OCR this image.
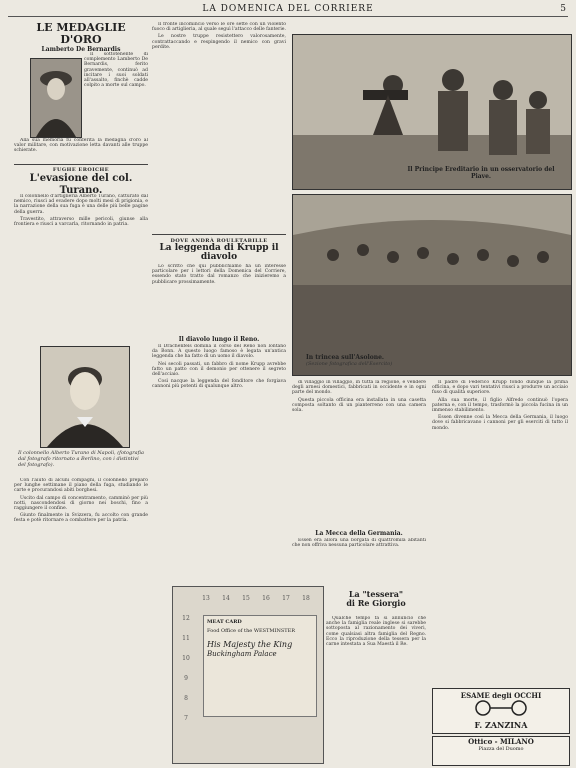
LA DOMENICA DEL CORRIERE	5
LE MEDAGLIE D'ORO
Lamberto De Bernardis

Il sottotenente di complemento Lamberto De Bernardis, ferito gravemente, continuò ad incitare i suoi soldati all'assalto, finchè cadde colpito a morte sul campo.

Alla sua memoria fu conferita la medaglia d'oro al valor militare, con motivazione letta davanti alle truppe schierate.

FUGHE EROICHE
L'evasione del col. Turano.

Il colonnello d'artiglieria Alberto Turano, catturato dal nemico, riuscì ad evadere dopo molti mesi di prigionia, e la narrazione della sua fuga è una delle più belle pagine della guerra.

Travestito, attraverso mille pericoli, giunse alla frontiera e riuscì a varcarla, ritornando in patria.

Il colonnello Alberto Turano di Napoli, (fotografia dal fotografo ritornato a Berlino, con i distintivi del fotografo).

Con l'aiuto di alcuni compagni, il colonnello preparò per lunghe settimane il piano della fuga, studiando le carte e procurandosi abiti borghesi.

Uscito dal campo di concentramento, camminò per più notti, nascondendosi di giorno nei boschi, fino a raggiungere il confine.

Giunto finalmente in Svizzera, fu accolto con grande festa e potè ritornare a combattere per la patria.

Il fronte incominciò verso le ore sette con un violento fuoco di artiglieria, al quale seguì l'attacco delle fanterie.

Le nostre truppe resistettero valorosamente, contrattaccando e respingendo il nemico con gravi perdite.

DOVE ANDRÀ ROULETABILLE
La leggenda di Krupp il diavolo

Lo scritto che qui pubblichiamo ha un interesse particolare per i lettori della Domenica del Corriere, essendo stato tratto dal romanzo che inizieremo a pubblicare prossimamente.

Il diavolo lungo il Reno.

Il Drachenfels domina il corso del Reno non lontano da Bonn. A questo luogo famoso è legata un'antica leggenda che ha fatto di un uomo il diavolo.

Nei secoli passati, un fabbro di nome Krupp avrebbe fatto un patto con il demonio per ottenere il segreto dell'acciaio.

Così nacque la leggenda del fonditore che forgiava cannoni più potenti di qualunque altro.

Il Principe Ereditario in un osservatorio del Piave.
In trincea sull'Asolone.
(Sezione fotografica dell'Esercito)

di villaggio in villaggio, in tutta la regione, e vendere degli arnesi domestici, fabbricati in occidente e in ogni parte del mondo.

Questa piccola officina era installata in una casetta composta soltanto di un pianterreno con una camera sola.

La Mecca della Germania.

Essen era allora una borgata di quattromila abitanti che non offriva nessuna particolare attrattiva.

Il padre di Federico Krupp fondò dunque la prima officina, e dopo vari tentativi riuscì a produrre un acciaio fuso di qualità superiore.

Alla sua morte, il figlio Alfredo continuò l'opera paterna e, con il tempo, trasformò la piccola fucina in un immenso stabilimento.

Essen divenne così la Mecca della Germania, il luogo dove si fabbricavano i cannoni per gli eserciti di tutto il mondo.

13 14 15 16 17 18
12
11
10
9
8
7
MEAT CARD
Food Office of the WESTMINSTER
His Majesty the King
Buckingham Palace
La "tessera"
di Re Giorgio

Qualche tempo fa si annunciò che anche la famiglia reale inglese si sarebbe sottoposta al razionamento dei viveri, come qualsiasi altra famiglia del Regno. Ecco la riproduzione della tessera per la carne intestata a Sua Maestà il Re.

Ottico - MILANO
Piazza del Duomo
ESAME degli OCCHI
F. ZANZINA
